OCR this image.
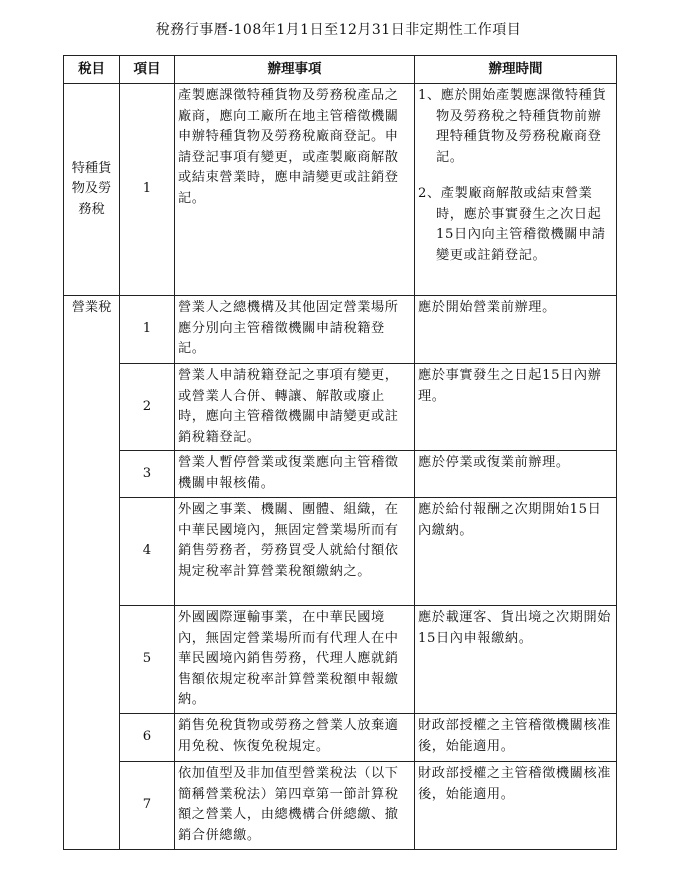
稅務行事曆-108年1月1日至12月31日非定期性工作項目
稅目	項目	辦理事項	辦理時間
特種貨物及勞務稅	1	產製應課徵特種貨物及勞務稅產品之廠商，應向工廠所在地主管稽徵機關申辦特種貨物及勞務稅廠商登記。申請登記事項有變更，或產製廠商解散或結束營業時，應申請變更或註銷登記。	1、應於開始產製應課徵特種貨物及勞務稅之特種貨物前辦理特種貨物及勞務稅廠商登記。
2、產製廠商解散或結束營業時，應於事實發生之次日起15日內向主管稽徵機關申請變更或註銷登記。

營業稅	1	營業人之總機構及其他固定營業場所應分別向主管稽徵機關申請稅籍登記。	應於開始營業前辦理。
	2	營業人申請稅籍登記之事項有變更，或營業人合併、轉讓、解散或廢止時，應向主管稽徵機關申請變更或註銷稅籍登記。	應於事實發生之日起15日內辦理。
	3	營業人暫停營業或復業應向主管稽徵機關申報核備。	應於停業或復業前辦理。
	4	外國之事業、機關、團體、組織，在中華民國境內，無固定營業場所而有銷售勞務者，勞務買受人就給付額依規定稅率計算營業稅額繳納之。	應於給付報酬之次期開始15日內繳納。
	5	外國國際運輸事業，在中華民國境內，無固定營業場所而有代理人在中華民國境內銷售勞務，代理人應就銷售額依規定稅率計算營業稅額申報繳納。	應於載運客、貨出境之次期開始15日內申報繳納。
	6	銷售免稅貨物或勞務之營業人放棄適用免稅、恢復免稅規定。	財政部授權之主管稽徵機關核准後，始能適用。
	7	依加值型及非加值型營業稅法（以下簡稱營業稅法）第四章第一節計算稅額之營業人，由總機構合併總繳、撤銷合併總繳。	財政部授權之主管稽徵機關核准後，始能適用。
